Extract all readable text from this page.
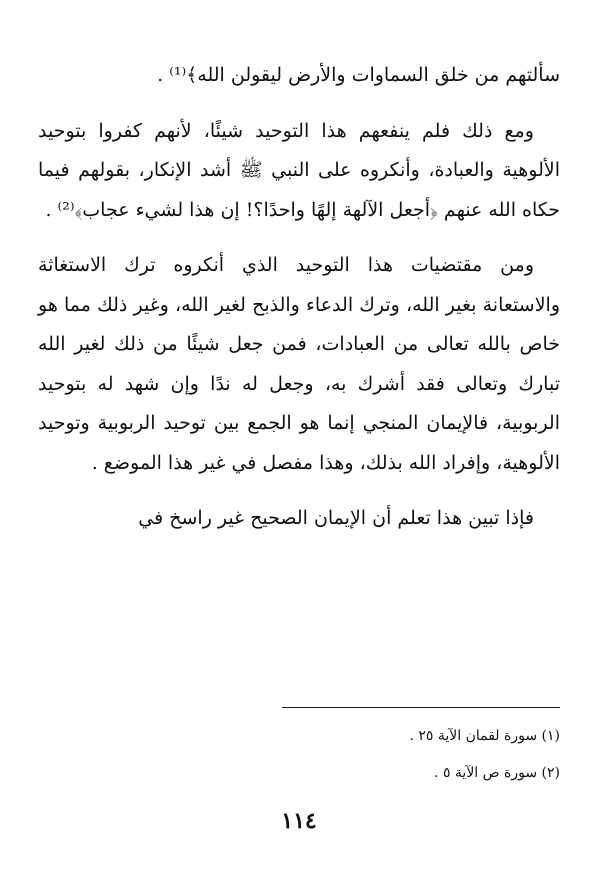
سألتهم من خلق السماوات والأرض ليقولن الله﴾⁽¹⁾ .

ومع ذلك فلم ينفعهم هذا التوحيد شيئًا، لأنهم كفروا بتوحيد الألوهية والعبادة، وأنكروه على النبي ﷺ أشد الإنكار، بقولهم فيما حكاه الله عنهم ﴿أجعل الآلهة إلهًا واحدًا؟! إن هذا لشيء عجاب﴾⁽²⁾ .

ومن مقتضيات هذا التوحيد الذي أنكروه ترك الاستغاثة والاستعانة بغير الله، وترك الدعاء والذبح لغير الله، وغير ذلك مما هو خاص بالله تعالى من العبادات، فمن جعل شيئًا من ذلك لغير الله تبارك وتعالى فقد أشرك به، وجعل له ندًا وإن شهد له بتوحيد الربوبية، فالإيمان المنجي إنما هو الجمع بين توحيد الربوبية وتوحيد الألوهية، وإفراد الله بذلك، وهذا مفصل في غير هذا الموضع .

فإذا تبين هذا تعلم أن الإيمان الصحيح غير راسخ في

(١) سورة لقمان الآية ٢٥ .
(٢) سورة ص الآية ٥ .
١١٤
